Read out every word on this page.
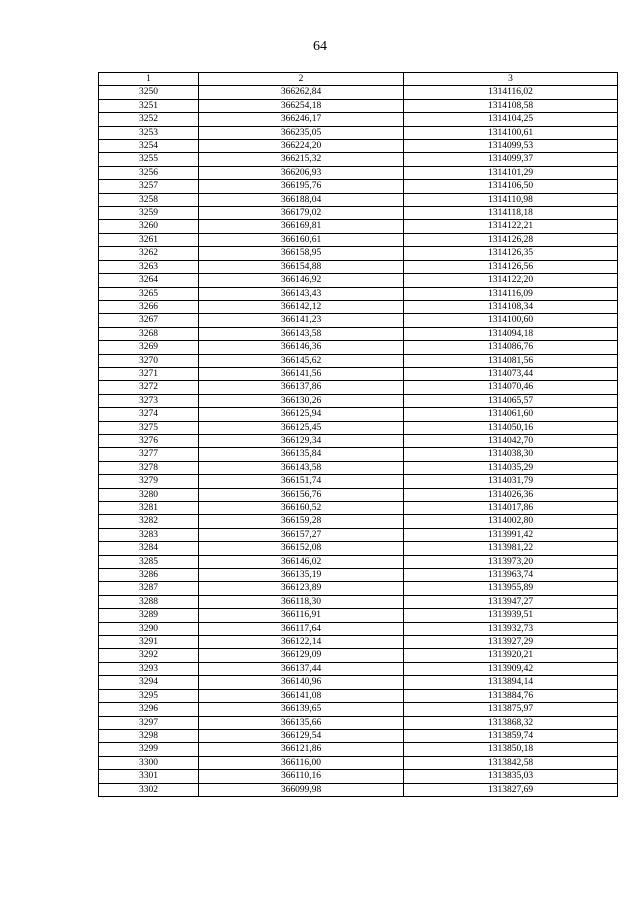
64
1	2	3
3250	366262,84	1314116,02
3251	366254,18	1314108,58
3252	366246,17	1314104,25
3253	366235,05	1314100,61
3254	366224,20	1314099,53
3255	366215,32	1314099,37
3256	366206,93	1314101,29
3257	366195,76	1314106,50
3258	366188,04	1314110,98
3259	366179,02	1314118,18
3260	366169,81	1314122,21
3261	366160,61	1314126,28
3262	366158,95	1314126,35
3263	366154,88	1314126,56
3264	366146,92	1314122,20
3265	366143,43	1314116,09
3266	366142,12	1314108,34
3267	366141,23	1314100,60
3268	366143,58	1314094,18
3269	366146,36	1314086,76
3270	366145,62	1314081,56
3271	366141,56	1314073,44
3272	366137,86	1314070,46
3273	366130,26	1314065,57
3274	366125,94	1314061,60
3275	366125,45	1314050,16
3276	366129,34	1314042,70
3277	366135,84	1314038,30
3278	366143,58	1314035,29
3279	366151,74	1314031,79
3280	366156,76	1314026,36
3281	366160,52	1314017,86
3282	366159,28	1314002,80
3283	366157,27	1313991,42
3284	366152,08	1313981,22
3285	366146,02	1313973,20
3286	366135,19	1313963,74
3287	366123,89	1313955,89
3288	366118,30	1313947,27
3289	366116,91	1313939,51
3290	366117,64	1313932,73
3291	366122,14	1313927,29
3292	366129,09	1313920,21
3293	366137,44	1313909,42
3294	366140,96	1313894,14
3295	366141,08	1313884,76
3296	366139,65	1313875,97
3297	366135,66	1313868,32
3298	366129,54	1313859,74
3299	366121,86	1313850,18
3300	366116,00	1313842,58
3301	366110,16	1313835,03
3302	366099,98	1313827,69
